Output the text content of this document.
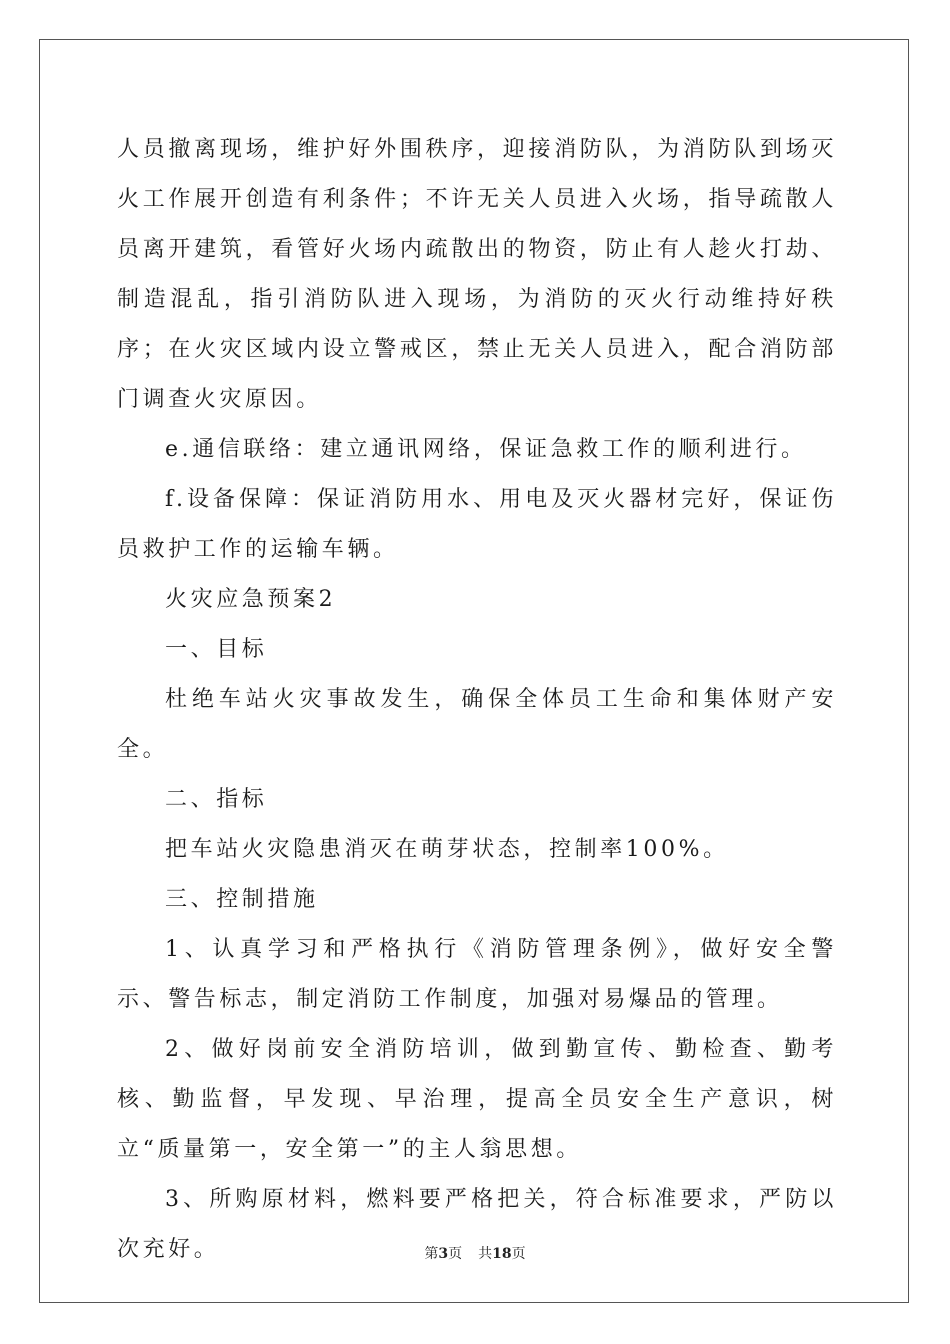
人员撤离现场，维护好外围秩序，迎接消防队，为消防队到场灭火工作展开创造有利条件；不许无关人员进入火场，指导疏散人员离开建筑，看管好火场内疏散出的物资，防止有人趁火打劫、制造混乱，指引消防队进入现场，为消防的灭火行动维持好秩序；在火灾区域内设立警戒区，禁止无关人员进入，配合消防部门调查火灾原因。

e.通信联络：建立通讯网络，保证急救工作的顺利进行。

f.设备保障：保证消防用水、用电及灭火器材完好，保证伤员救护工作的运输车辆。

火灾应急预案2

一、目标

杜绝车站火灾事故发生，确保全体员工生命和集体财产安全。

二、指标

把车站火灾隐患消灭在萌芽状态，控制率100%。

三、控制措施

1、认真学习和严格执行《消防管理条例》，做好安全警示、警告标志，制定消防工作制度，加强对易爆品的管理。

2、做好岗前安全消防培训，做到勤宣传、勤检查、勤考核、勤监督，早发现、早治理，提高全员安全生产意识，树立“质量第一，安全第一”的主人翁思想。

3、所购原材料，燃料要严格把关，符合标准要求，严防以次充好。	第3页 共18页
